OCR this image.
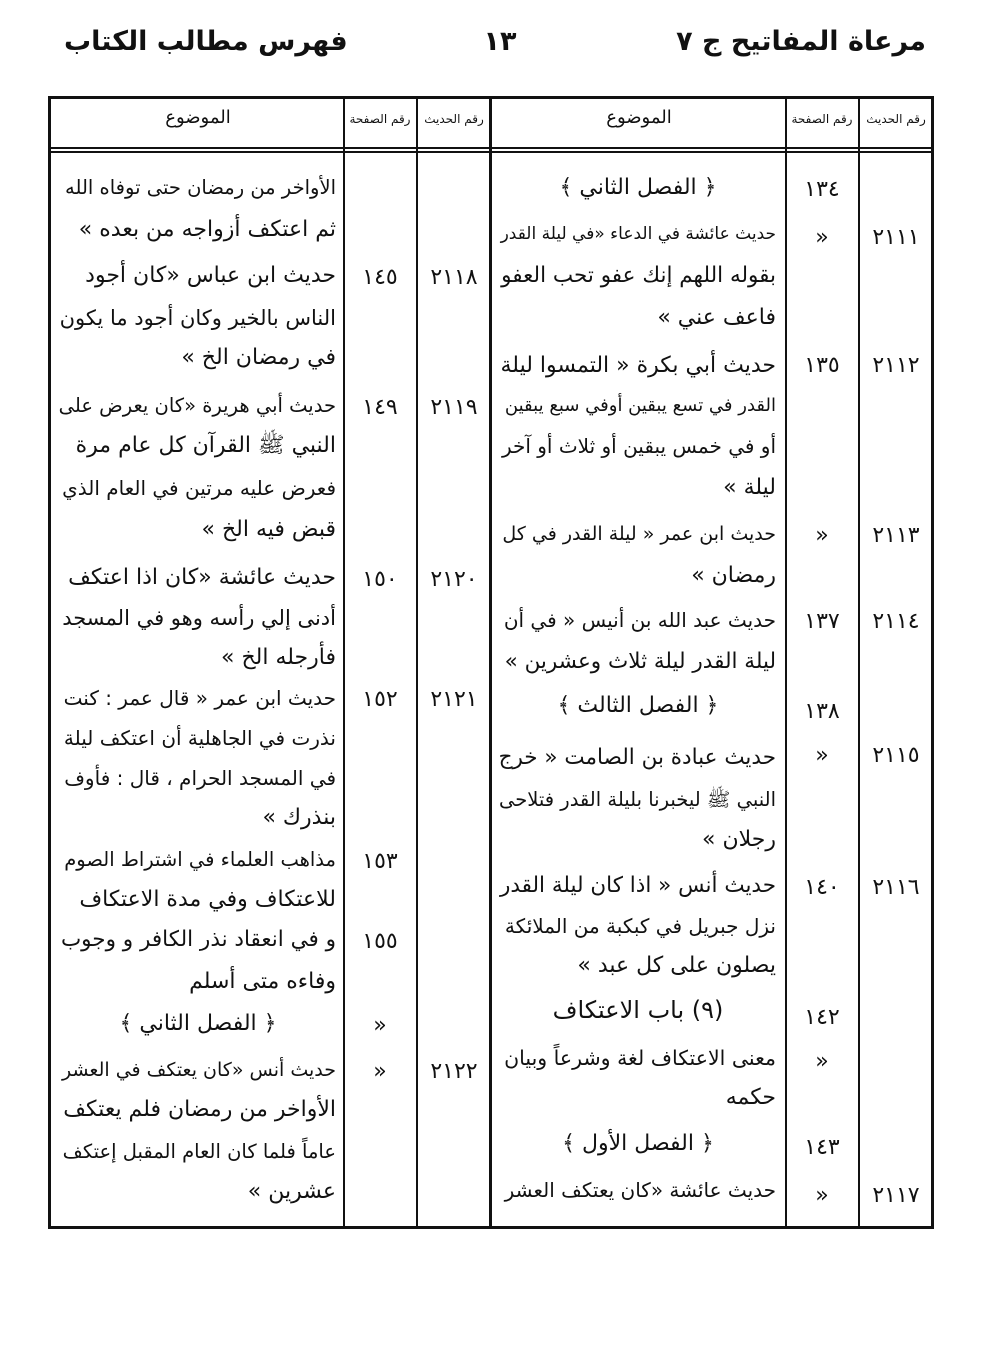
مرعاة المفاتيح ج ٧
١٣
فهرس مطالب الكتاب
رقم الحديث
رقم الصفحة
الموضوع
رقم الحديث
رقم الصفحة
الموضوع
١٣٤
﴿ الفصل الثاني ﴾
٢١١١
»
حديث عائشة في الدعاء «في ليلة القدر
بقوله اللهم إنك عفو تحب العفو
فاعف عني »
٢١١٢
١٣٥
حديث أبي بكرة « التمسوا ليلة
القدر في تسع يبقين أوفي سبع يبقين
أو في خمس يبقين أو ثلاث أو آخر
ليلة »
٢١١٣
»
حديث ابن عمر « ليلة القدر في كل
رمضان »
٢١١٤
١٣٧
حديث عبد الله بن أنيس « في أن
ليلة القدر ليلة ثلاث وعشرين »
١٣٨
﴿ الفصل الثالث ﴾
٢١١٥
»
حديث عبادة بن الصامت « خرج
النبي ﷺ ليخبرنا بليلة القدر فتلاحى
رجلان »
٢١١٦
١٤٠
حديث أنس « اذا كان ليلة القدر
نزل جبريل في كبكبة من الملائكة
يصلون على كل عبد »
١٤٢
(٩) باب الاعتكاف
»
معنى الاعتكاف لغة وشرعاً وبيان
حكمه
١٤٣
﴿ الفصل الأول ﴾
٢١١٧
»
حديث عائشة «كان يعتكف العشر
الأواخر من رمضان حتى توفاه الله
ثم اعتكف أزواجه من بعده »
٢١١٨
١٤٥
حديث ابن عباس «كان أجود
الناس بالخير وكان أجود ما يكون
في رمضان الخ »
٢١١٩
١٤٩
حديث أبي هريرة «كان يعرض على
النبي ﷺ القرآن كل عام مرة
فعرض عليه مرتين في العام الذي
قبض فيه الخ »
٢١٢٠
١٥٠
حديث عائشة «كان اذا اعتكف
أدنى إلي رأسه وهو في المسجد
فأرجله الخ »
٢١٢١
١٥٢
حديث ابن عمر « قال عمر : كنت
نذرت في الجاهلية أن اعتكف ليلة
في المسجد الحرام ، قال : فأوف
بنذرك »
١٥٣
مذاهب العلماء في اشتراط الصوم
للاعتكاف وفي مدة الاعتكاف
١٥٥
و في انعقاد نذر الكافر و وجوب
وفاءه متى أسلم
»
﴿ الفصل الثاني ﴾
٢١٢٢
»
حديث أنس «كان يعتكف في العشر
الأواخر من رمضان فلم يعتكف
عاماً فلما كان العام المقبل إعتكف
عشرين »
